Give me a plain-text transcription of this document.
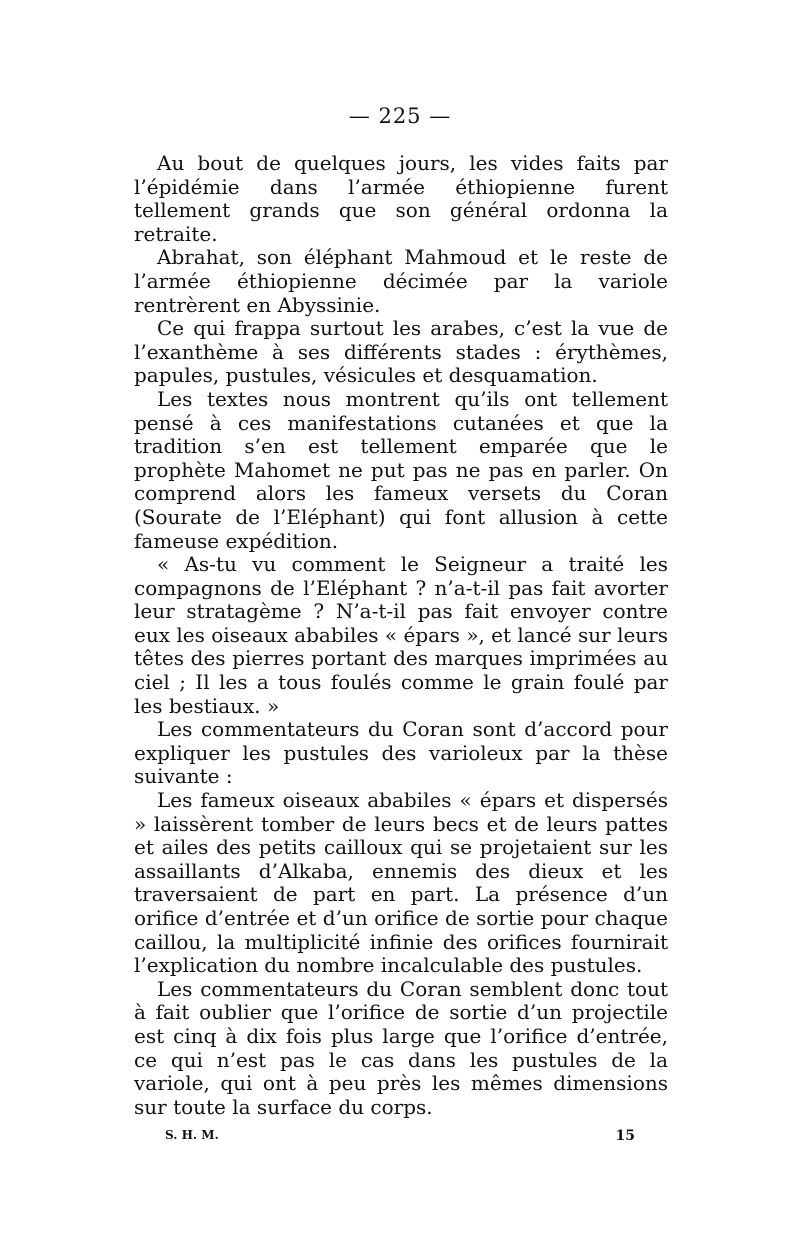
— 225 —

Au bout de quelques jours, les vides faits par l’épidémie dans l’armée éthiopienne furent tellement grands que son général ordonna la retraite.

Abrahat, son éléphant Mahmoud et le reste de l’armée éthiopienne décimée par la variole rentrèrent en Abyssinie.

Ce qui frappa surtout les arabes, c’est la vue de l’exanthème à ses différents stades : érythèmes, papules, pustules, vésicules et desquamation.

Les textes nous montrent qu’ils ont tellement pensé à ces manifestations cutanées et que la tradition s’en est tellement emparée que le prophète Mahomet ne put pas ne pas en parler. On comprend alors les fameux versets du Coran (Sourate de l’Eléphant) qui font allusion à cette fameuse expédition.

« As-tu vu comment le Seigneur a traité les compagnons de l’Eléphant ? n’a-t-il pas fait avorter leur stratagème ? N’a-t-il pas fait envoyer contre eux les oiseaux ababiles « épars », et lancé sur leurs têtes des pierres portant des marques imprimées au ciel ; Il les a tous foulés comme le grain foulé par les bestiaux. »

Les commentateurs du Coran sont d’accord pour expliquer les pustules des varioleux par la thèse suivante :

Les fameux oiseaux ababiles « épars et dispersés » laissèrent tomber de leurs becs et de leurs pattes et ailes des petits cailloux qui se projetaient sur les assaillants d’Alkaba, ennemis des dieux et les traversaient de part en part. La présence d’un orifice d’entrée et d’un orifice de sortie pour chaque caillou, la multiplicité infinie des orifices fournirait l’explication du nombre incalculable des pustules.

Les commentateurs du Coran semblent donc tout à fait oublier que l’orifice de sortie d’un projectile est cinq à dix fois plus large que l’orifice d’entrée, ce qui n’est pas le cas dans les pustules de la variole, qui ont à peu près les mêmes dimensions sur toute la surface du corps.

S. H. M.	15
